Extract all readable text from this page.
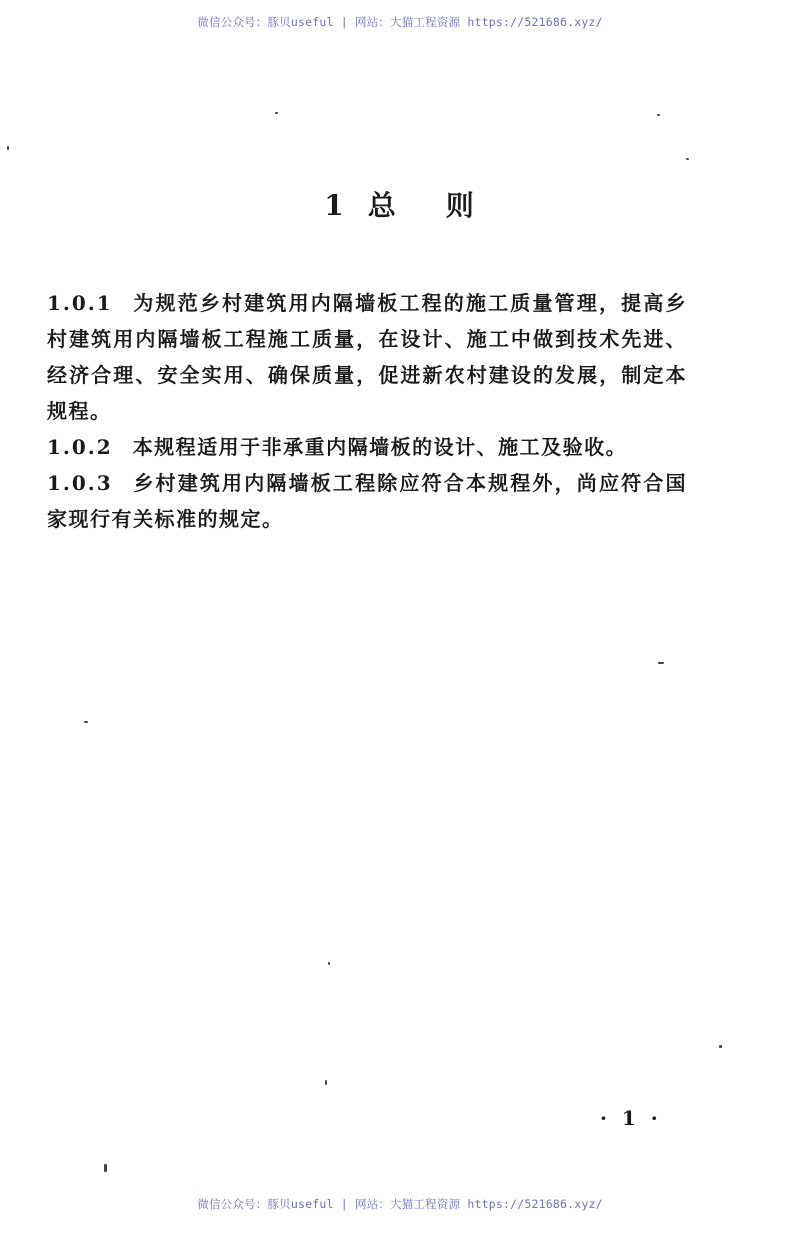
微信公众号：豚贝useful | 网站：大猫工程资源 https://521686.xyz/
1 总 则

1.0.1 为规范乡村建筑用内隔墙板工程的施工质量管理，提高乡村建筑用内隔墙板工程施工质量，在设计、施工中做到技术先进、经济合理、安全实用、确保质量，促进新农村建设的发展，制定本规程。

1.0.2 本规程适用于非承重内隔墙板的设计、施工及验收。

1.0.3 乡村建筑用内隔墙板工程除应符合本规程外，尚应符合国家现行有关标准的规定。

· 1 ·
微信公众号：豚贝useful | 网站：大猫工程资源 https://521686.xyz/
